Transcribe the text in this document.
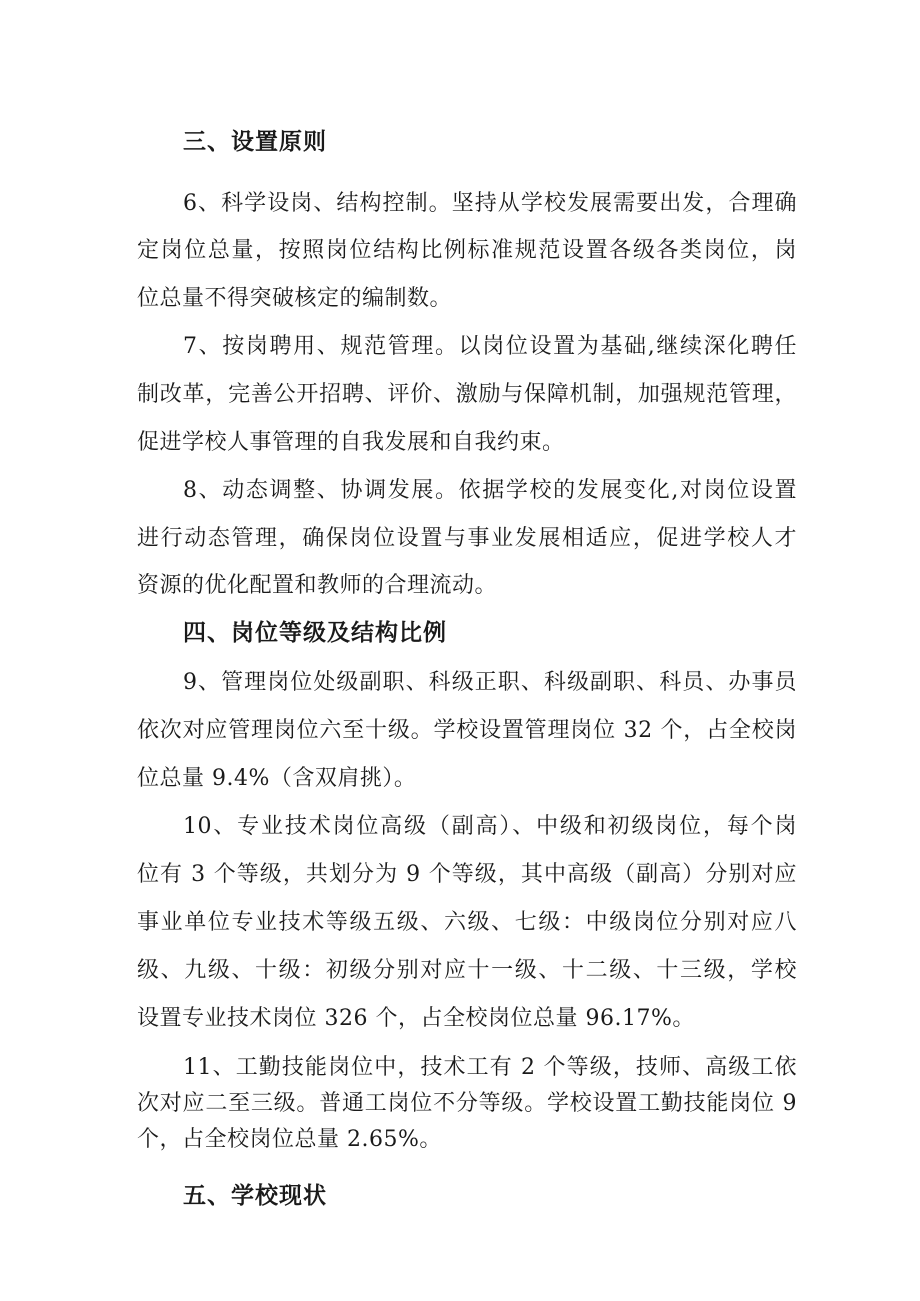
三、设置原则
6、科学设岗、结构控制。坚持从学校发展需要出发，合理确
定岗位总量，按照岗位结构比例标准规范设置各级各类岗位，岗
位总量不得突破核定的编制数。
7、按岗聘用、规范管理。以岗位设置为基础,继续深化聘任
制改革，完善公开招聘、评价、激励与保障机制，加强规范管理，
促进学校人事管理的自我发展和自我约束。
8、动态调整、协调发展。依据学校的发展变化,对岗位设置
进行动态管理，确保岗位设置与事业发展相适应，促进学校人才
资源的优化配置和教师的合理流动。
四、岗位等级及结构比例
9、管理岗位处级副职、科级正职、科级副职、科员、办事员
依次对应管理岗位六至十级。学校设置管理岗位 32 个，占全校岗
位总量 9.4%（含双肩挑）。
10、专业技术岗位高级（副高）、中级和初级岗位，每个岗
位有 3 个等级，共划分为 9 个等级，其中高级（副高）分别对应
事业单位专业技术等级五级、六级、七级：中级岗位分别对应八
级、九级、十级：初级分别对应十一级、十二级、十三级，学校
设置专业技术岗位 326 个，占全校岗位总量 96.17%。
11、工勤技能岗位中，技术工有 2 个等级，技师、高级工依
次对应二至三级。普通工岗位不分等级。学校设置工勤技能岗位 9
个，占全校岗位总量 2.65%。
五、学校现状
